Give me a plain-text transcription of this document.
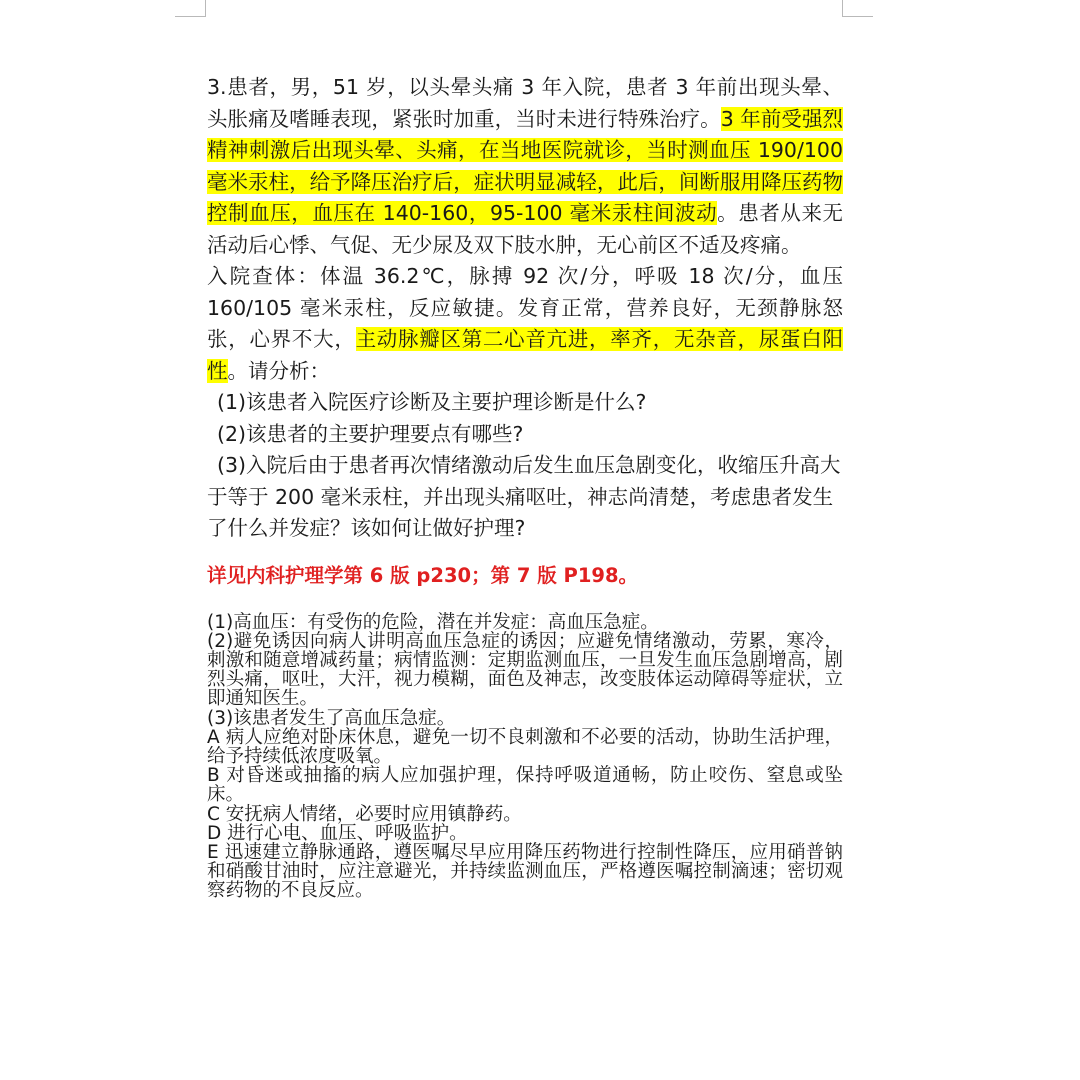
3.患者，男，51 岁，以头晕头痛 3 年入院，患者 3 年前出现头晕、头胀痛及嗜睡表现，紧张时加重，当时未进行特殊治疗。3 年前受强烈精神刺激后出现头晕、头痛，在当地医院就诊，当时测血压 190/100 毫米汞柱，给予降压治疗后，症状明显减轻，此后，间断服用降压药物控制血压，血压在 140-160，95-100 毫米汞柱间波动。患者从来无活动后心悸、气促、无少尿及双下肢水肿，无心前区不适及疼痛。

入院查体：体温 36.2℃，脉搏 92 次/分，呼吸 18 次/分，血压 160/105 毫米汞柱，反应敏捷。发育正常，营养良好，无颈静脉怒张，心界不大，主动脉瓣区第二心音亢进，率齐，无杂音，尿蛋白阳性。请分析：

(1)该患者入院医疗诊断及主要护理诊断是什么?

(2)该患者的主要护理要点有哪些?

(3)入院后由于患者再次情绪激动后发生血压急剧变化，收缩压升高大于等于 200 毫米汞柱，并出现头痛呕吐，神志尚清楚，考虑患者发生了什么并发症？该如何让做好护理?

详见内科护理学第 6 版 p230；第 7 版 P198。

(1)高血压：有受伤的危险，潜在并发症：高血压急症。

(2)避免诱因向病人讲明高血压急症的诱因；应避免情绪激动，劳累，寒冷，刺激和随意增减药量；病情监测：定期监测血压，一旦发生血压急剧增高，剧烈头痛，呕吐，大汗，视力模糊，面色及神志，改变肢体运动障碍等症状，立即通知医生。

(3)该患者发生了高血压急症。

A 病人应绝对卧床休息，避免一切不良刺激和不必要的活动，协助生活护理，给予持续低浓度吸氧。

B 对昏迷或抽搐的病人应加强护理，保持呼吸道通畅，防止咬伤、窒息或坠床。

C 安抚病人情绪，必要时应用镇静药。

D 进行心电、血压、呼吸监护。

E 迅速建立静脉通路，遵医嘱尽早应用降压药物进行控制性降压，应用硝普钠和硝酸甘油时，应注意避光，并持续监测血压，严格遵医嘱控制滴速；密切观察药物的不良反应。
